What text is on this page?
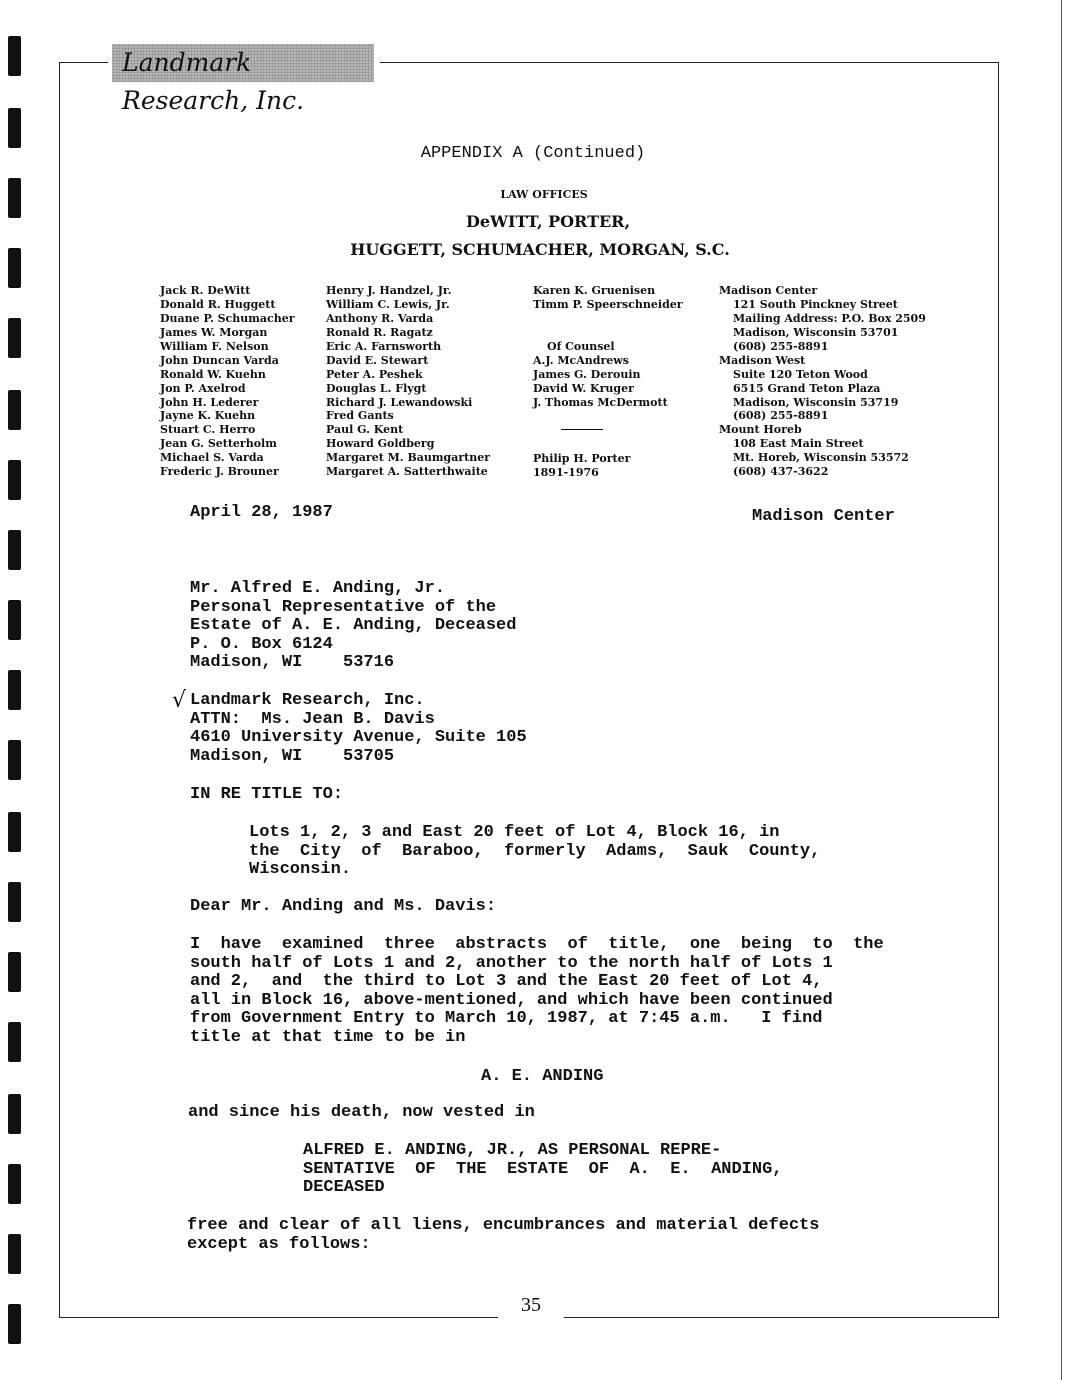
Landmark Research, Inc.
35
APPENDIX A (Continued)
LAW OFFICES
DeWITT, PORTER,
HUGGETT, SCHUMACHER, MORGAN, S.C.
Jack R. DeWitt
Donald R. Huggett
Duane P. Schumacher
James W. Morgan
William F. Nelson
John Duncan Varda
Ronald W. Kuehn
Jon P. Axelrod
John H. Lederer
Jayne K. Kuehn
Stuart C. Herro
Jean G. Setterholm
Michael S. Varda
Frederic J. Brouner
Henry J. Handzel, Jr.
William C. Lewis, Jr.
Anthony R. Varda
Ronald R. Ragatz
Eric A. Farnsworth
David E. Stewart
Peter A. Peshek
Douglas L. Flygt
Richard J. Lewandowski
Fred Gants
Paul G. Kent
Howard Goldberg
Margaret M. Baumgartner
Margaret A. Satterthwaite
Karen K. Gruenisen
Timm P. Speerschneider
Of Counsel
A.J. McAndrews
James G. Derouin
David W. Kruger
J. Thomas McDermott
Philip H. Porter
1891-1976
Madison Center
121 South Pinckney Street
Mailing Address: P.O. Box 2509
Madison, Wisconsin 53701
(608) 255-8891
Madison West
Suite 120 Teton Wood
6515 Grand Teton Plaza
Madison, Wisconsin 53719
(608) 255-8891
Mount Horeb
108 East Main Street
Mt. Horeb, Wisconsin 53572
(608) 437-3622
April 28, 1987	Madison Center
Mr. Alfred E. Anding, Jr.
Personal Representative of the
Estate of A. E. Anding, Deceased
P. O. Box 6124
Madison, WI    53716
√ Landmark Research, Inc.
ATTN:  Ms. Jean B. Davis
4610 University Avenue, Suite 105
Madison, WI    53705
IN RE TITLE TO:
Lots 1, 2, 3 and East 20 feet of Lot 4, Block 16, in
the  City  of  Baraboo,  formerly  Adams,  Sauk  County,
Wisconsin.
Dear Mr. Anding and Ms. Davis:
I  have  examined  three  abstracts  of  title,  one  being  to  the
south half of Lots 1 and 2, another to the north half of Lots 1
and 2,  and  the third to Lot 3 and the East 20 feet of Lot 4,
all in Block 16, above-mentioned, and which have been continued
from Government Entry to March 10, 1987, at 7:45 a.m.   I find
title at that time to be in
A. E. ANDING
and since his death, now vested in
ALFRED E. ANDING, JR., AS PERSONAL REPRE-
SENTATIVE  OF  THE  ESTATE  OF  A.  E.  ANDING,
DECEASED
free and clear of all liens, encumbrances and material defects
except as follows:
